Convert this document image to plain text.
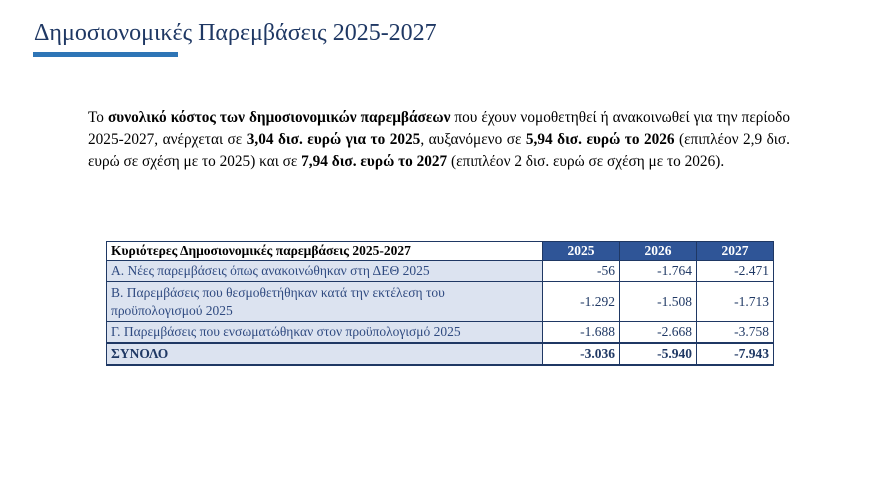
Δημοσιονομικές Παρεμβάσεις 2025-2027

Το συνολικό κόστος των δημοσιονομικών παρεμβάσεων που έχουν νομοθετηθεί ή ανακοινωθεί για την περίοδο 2025-2027, ανέρχεται σε 3,04 δισ. ευρώ για το 2025, αυξανόμενο σε 5,94 δισ. ευρώ το 2026 (επιπλέον 2,9 δισ. ευρώ σε σχέση με το 2025) και σε 7,94 δισ. ευρώ το 2027 (επιπλέον 2 δισ. ευρώ σε σχέση με το 2026).

Κυριότερες Δημοσιονομικές παρεμβάσεις 2025-2027	2025	2026	2027
Α. Νέες παρεμβάσεις όπως ανακοινώθηκαν στη ΔΕΘ 2025	-56	-1.764	-2.471
Β. Παρεμβάσεις που θεσμοθετήθηκαν κατά την εκτέλεση του προϋπολογισμού 2025	-1.292	-1.508	-1.713
Γ. Παρεμβάσεις που ενσωματώθηκαν στον προϋπολογισμό 2025	-1.688	-2.668	-3.758
ΣΥΝΟΛΟ	-3.036	-5.940	-7.943
